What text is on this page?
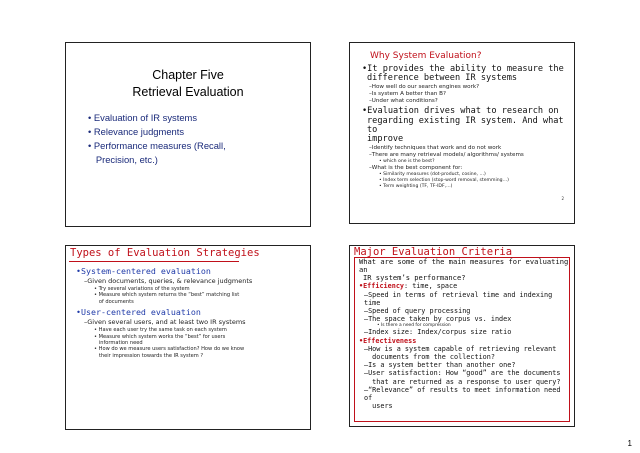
Chapter Five
Retrieval Evaluation
• Evaluation of IR systems
• Relevance judgments
• Performance measures (Recall,
Precision, etc.)
Why System Evaluation?
•It provides the ability to measure the
difference between IR systems
–How well do our search engines work?
–Is system A better than B?
–Under what conditions?
•Evaluation drives what to research on
regarding existing IR system. And what to
improve
–Identify techniques that work and do not work
–There are many retrieval models/ algorithms/ systems
• which one is the best?
–What is the best component for:
• Similarity measures (dot-product, cosine, …)
• Index term selection (stop-word removal, stemming…)
• Term weighting (TF, TF-IDF,…)
2
Types of Evaluation Strategies
•System-centered evaluation
–Given documents, queries, & relevance judgments
• Try several variations of the system
• Measure which system returns the “best” matching list
of documents
•User-centered evaluation
–Given several users, and at least two IR systems
• Have each user try the same task on each system
• Measure which system works the “best” for users
information need
• How do we measure users satisfaction? How do we know
their impression towards the IR system ?
Major Evaluation Criteria
What are some of the main measures for evaluating an
IR system’s performance?
•Efficiency: time, space
–Speed in terms of retrieval time and indexing time
–Speed of query processing
–The space taken by corpus vs. index
• Is there a need for compression
–Index size: Index/corpus size ratio
•Effectiveness
–How is a system capable of retrieving relevant
documents from the collection?
–Is a system better than another one?
–User satisfaction: How “good” are the documents
that are returned as a response to user query?
–“Relevance” of results to meet information need of
users
1
